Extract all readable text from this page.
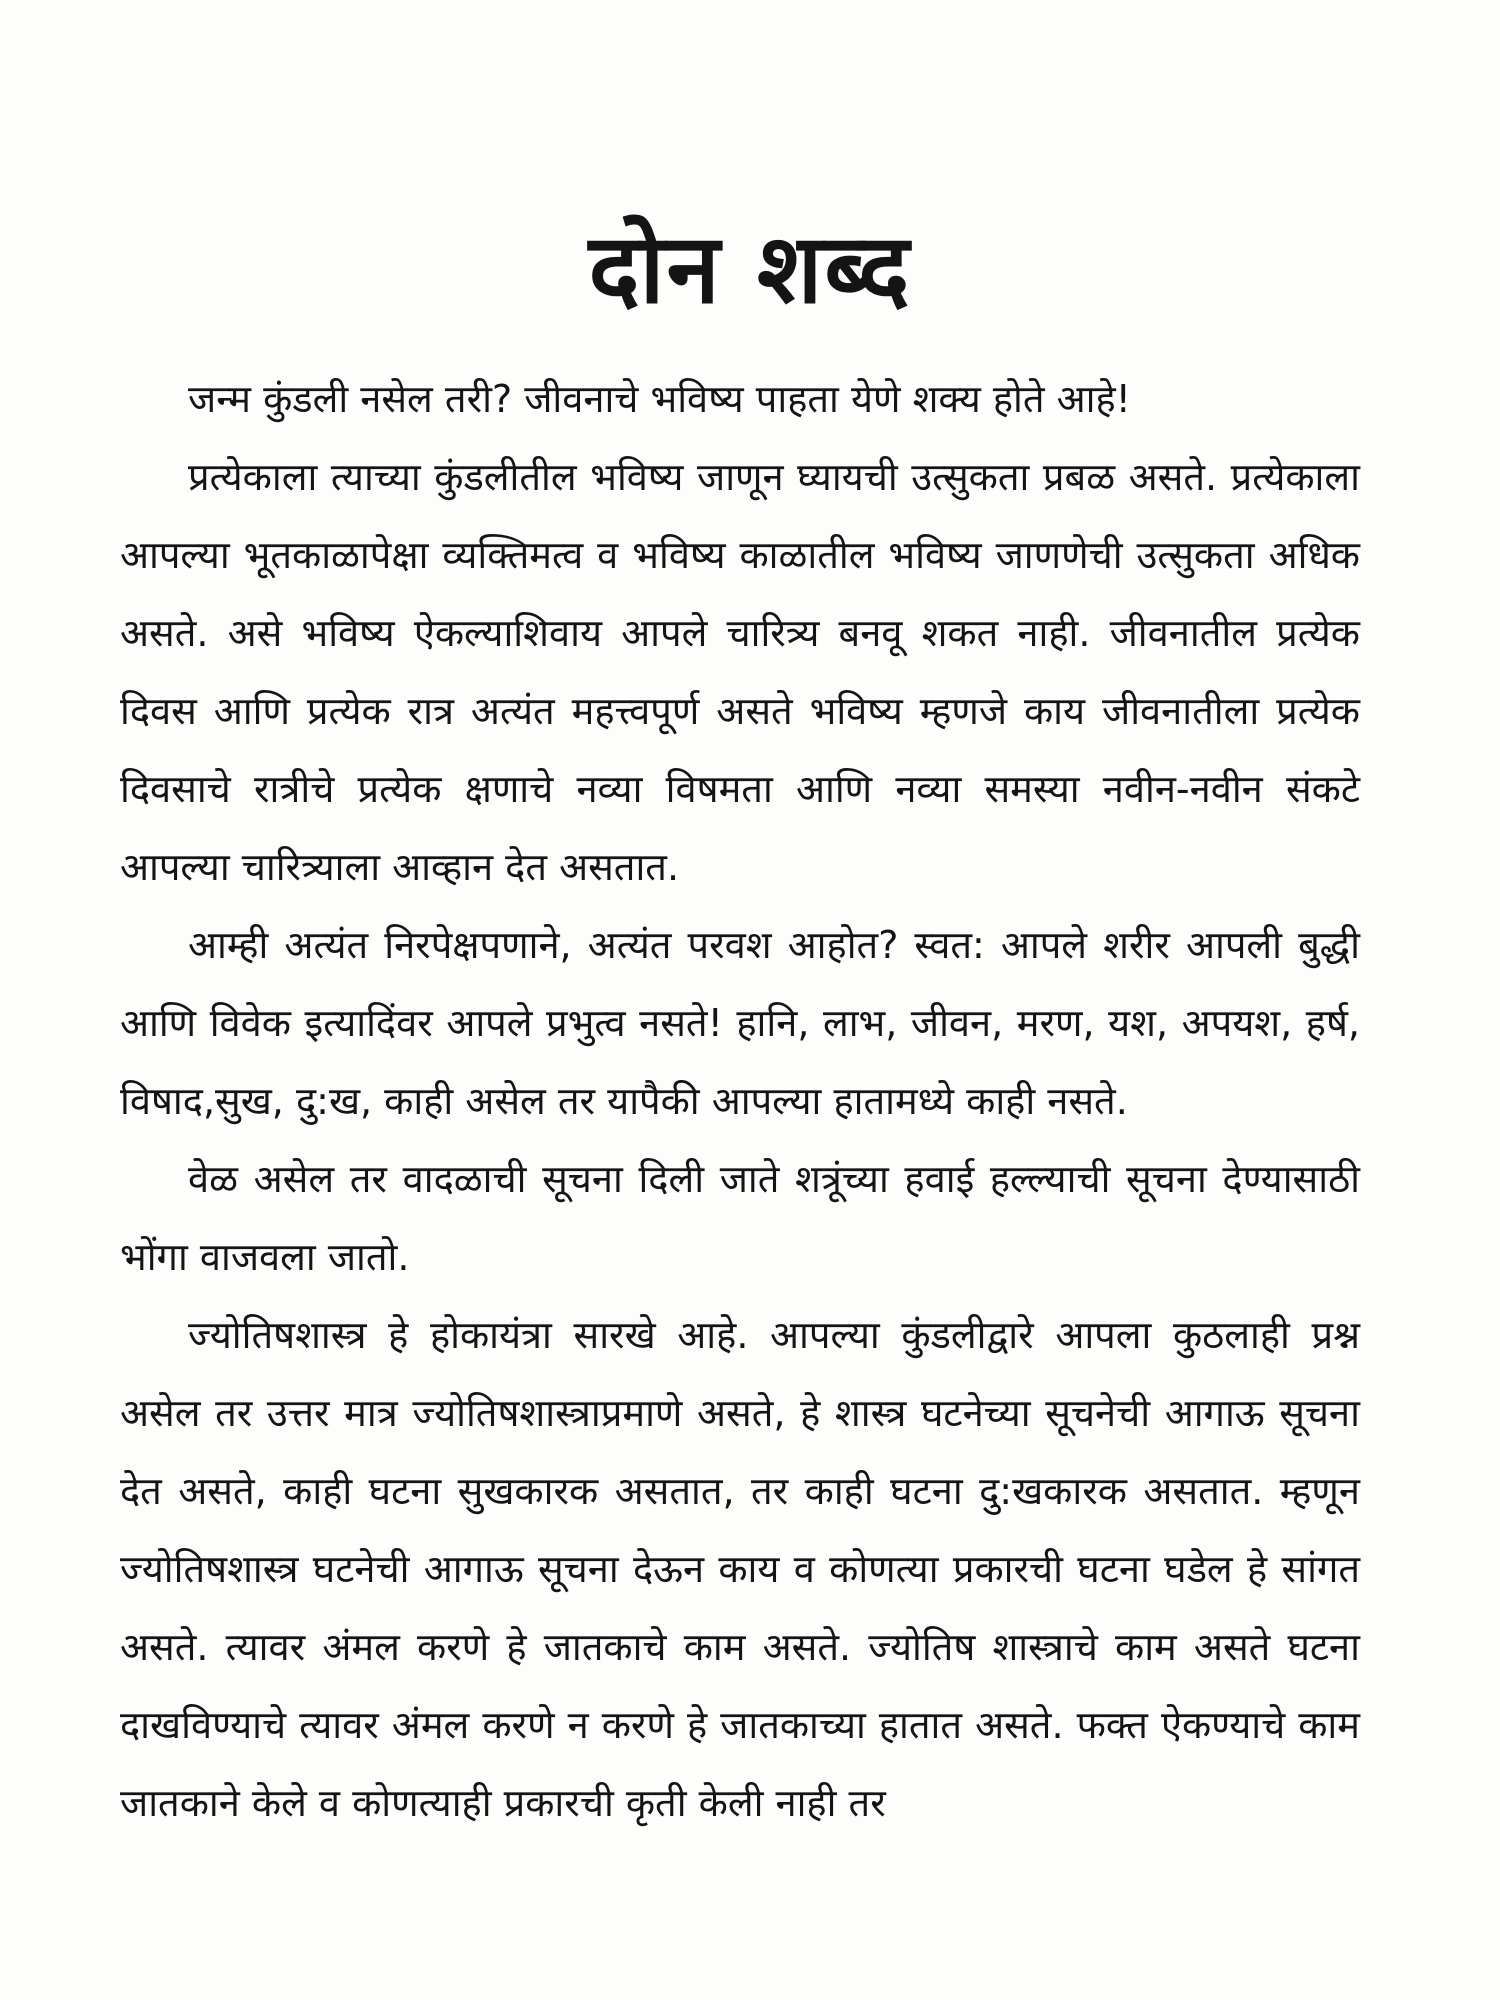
दोन शब्द

जन्म कुंडली नसेल तरी? जीवनाचे भविष्य पाहता येणे शक्य होते आहे!

प्रत्येकाला त्याच्या कुंडलीतील भविष्य जाणून घ्यायची उत्सुकता प्रबळ असते. प्रत्येकाला आपल्या भूतकाळापेक्षा व्यक्तिमत्व व भविष्य काळातील भविष्य जाणणेची उत्सुकता अधिक असते. असे भविष्य ऐकल्याशिवाय आपले चारित्र्य बनवू शकत नाही. जीवनातील प्रत्येक दिवस आणि प्रत्येक रात्र अत्यंत महत्त्वपूर्ण असते भविष्य म्हणजे काय जीवनातीला प्रत्येक दिवसाचे रात्रीचे प्रत्येक क्षणाचे नव्या विषमता आणि नव्या समस्या नवीन-नवीन संकटे आपल्या चारित्र्याला आव्हान देत असतात.

आम्ही अत्यंत निरपेक्षपणाने, अत्यंत परवश आहोत? स्वत: आपले शरीर आपली बुद्धी आणि विवेक इत्यादिंवर आपले प्रभुत्व नसते! हानि, लाभ, जीवन, मरण, यश, अपयश, हर्ष, विषाद,सुख, दु:ख, काही असेल तर यापैकी आपल्या हातामध्ये काही नसते.

वेळ असेल तर वादळाची सूचना दिली जाते शत्रूंच्या हवाई हल्ल्याची सूचना देण्यासाठी भोंगा वाजवला जातो.

ज्योतिषशास्त्र हे होकायंत्रा सारखे आहे. आपल्या कुंडलीद्वारे आपला कुठलाही प्रश्न असेल तर उत्तर मात्र ज्योतिषशास्त्राप्रमाणे असते, हे शास्त्र घटनेच्या सूचनेची आगाऊ सूचना देत असते, काही घटना सुखकारक असतात, तर काही घटना दु:खकारक असतात. म्हणून ज्योतिषशास्त्र घटनेची आगाऊ सूचना देऊन काय व कोणत्या प्रकारची घटना घडेल हे सांगत असते. त्यावर अंमल करणे हे जातकाचे काम असते. ज्योतिष शास्त्राचे काम असते घटना दाखविण्याचे त्यावर अंमल करणे न करणे हे जातकाच्या हातात असते. फक्त ऐकण्याचे काम जातकाने केले व कोणत्याही प्रकारची कृती केली नाही तर
